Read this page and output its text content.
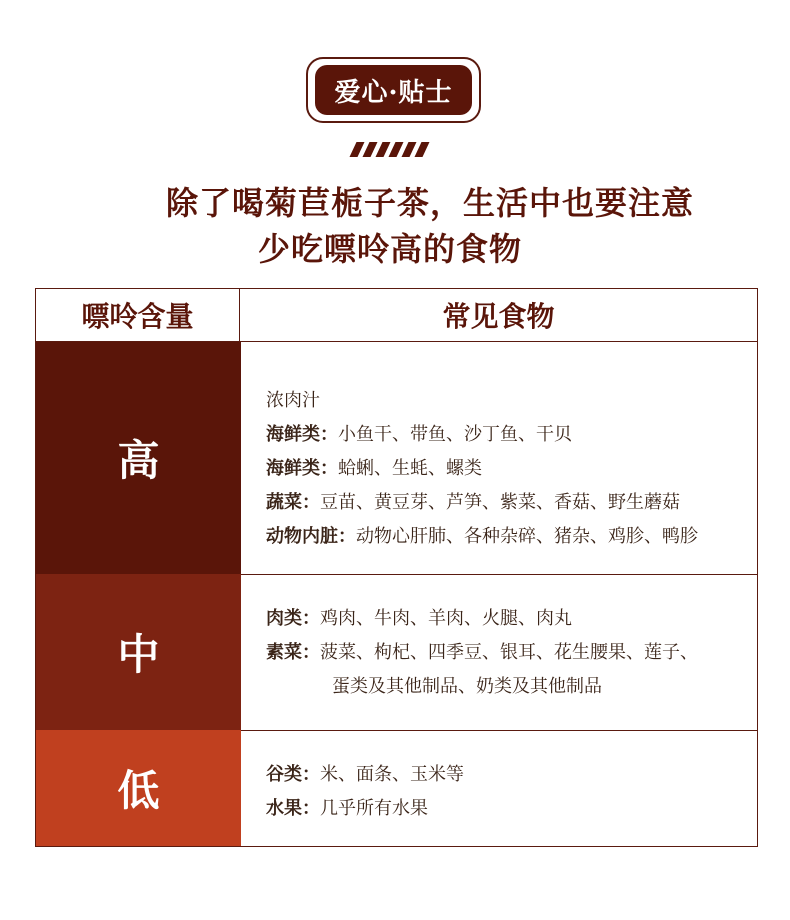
爱心·贴士
除了喝菊苣栀子茶，生活中也要注意
少吃嘌呤高的食物
嘌呤含量	常见食物
高
浓肉汁
海鲜类：小鱼干、带鱼、沙丁鱼、干贝
海鲜类：蛤蜊、生蚝、螺类
蔬菜：豆苗、黄豆芽、芦笋、紫菜、香菇、野生蘑菇
动物内脏：动物心肝肺、各种杂碎、猪杂、鸡胗、鸭胗
中
肉类：鸡肉、牛肉、羊肉、火腿、肉丸
素菜：菠菜、枸杞、四季豆、银耳、花生腰果、莲子、
蛋类及其他制品、奶类及其他制品
低	谷类：米、面条、玉米等
水果：几乎所有水果
